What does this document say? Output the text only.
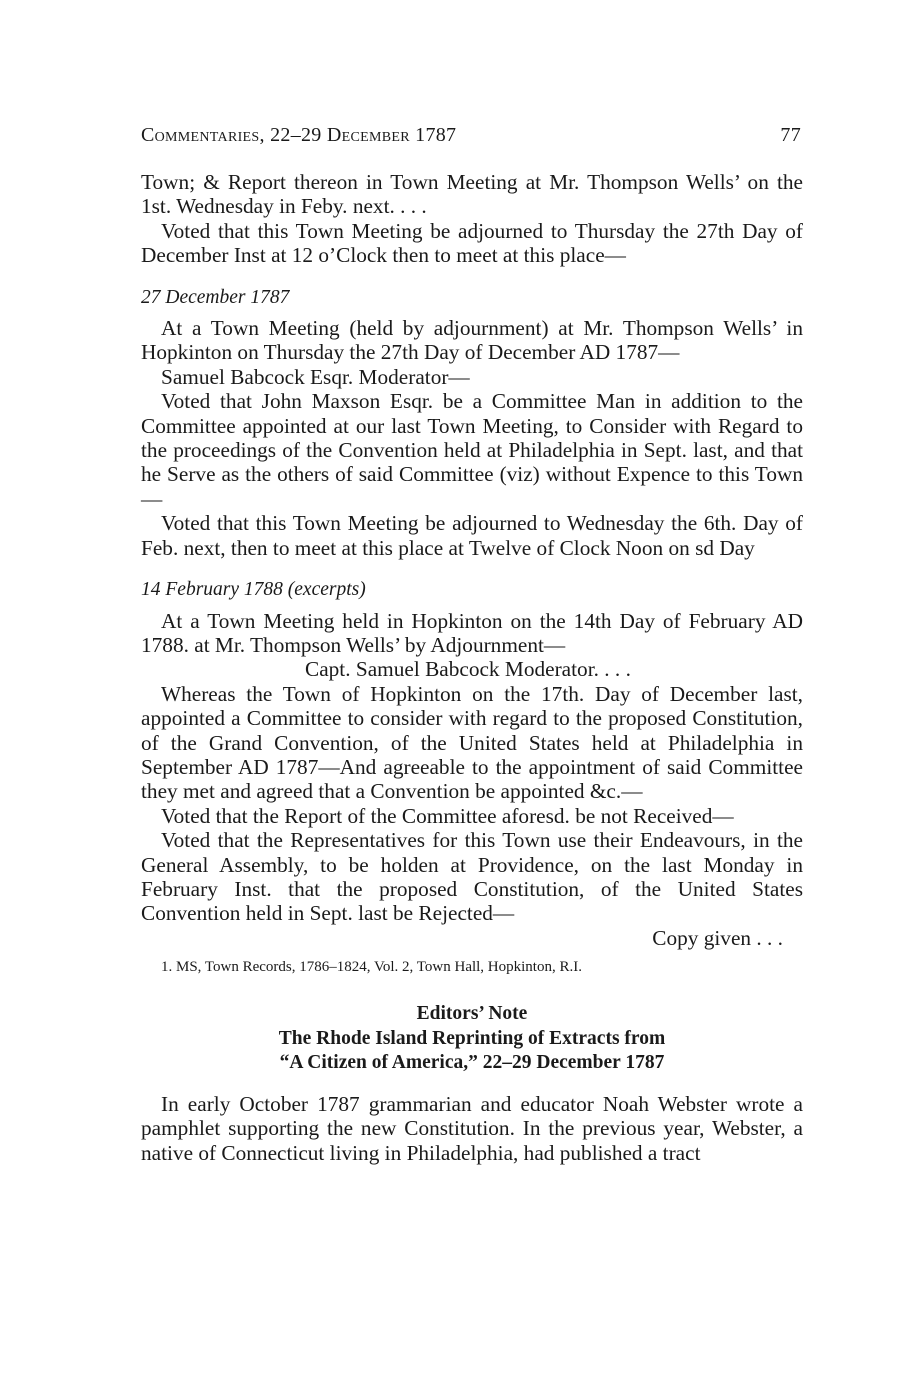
Commentaries, 22–29 December 1787	77

Town; & Report thereon in Town Meeting at Mr. Thompson Wells’ on the 1st. Wednesday in Feby. next. . . .

Voted that this Town Meeting be adjourned to Thursday the 27th Day of December Inst at 12 o’Clock then to meet at this place—

27 December 1787

At a Town Meeting (held by adjournment) at Mr. Thompson Wells’ in Hopkinton on Thursday the 27th Day of December AD 1787—

Samuel Babcock Esqr. Moderator—

Voted that John Maxson Esqr. be a Committee Man in addition to the Committee appointed at our last Town Meeting, to Consider with Regard to the proceedings of the Convention held at Philadelphia in Sept. last, and that he Serve as the others of said Committee (viz) without Expence to this Town—

Voted that this Town Meeting be adjourned to Wednesday the 6th. Day of Feb. next, then to meet at this place at Twelve of Clock Noon on sd Day

14 February 1788 (excerpts)

At a Town Meeting held in Hopkinton on the 14th Day of February AD 1788. at Mr. Thompson Wells’ by Adjournment—

Capt. Samuel Babcock Moderator. . . .

Whereas the Town of Hopkinton on the 17th. Day of December last, appointed a Committee to consider with regard to the proposed Constitution, of the Grand Convention, of the United States held at Philadelphia in September AD 1787—And agreeable to the appointment of said Committee they met and agreed that a Convention be appointed &c.—

Voted that the Report of the Committee aforesd. be not Received—

Voted that the Representatives for this Town use their Endeavours, in the General Assembly, to be holden at Providence, on the last Monday in February Inst. that the proposed Constitution, of the United States Convention held in Sept. last be Rejected—

Copy given . . .

1. MS, Town Records, 1786–1824, Vol. 2, Town Hall, Hopkinton, R.I.

Editors’ Note
The Rhode Island Reprinting of Extracts from
“A Citizen of America,” 22–29 December 1787

In early October 1787 grammarian and educator Noah Webster wrote a pamphlet supporting the new Constitution. In the previous year, Webster, a native of Connecticut living in Philadelphia, had published a tract
